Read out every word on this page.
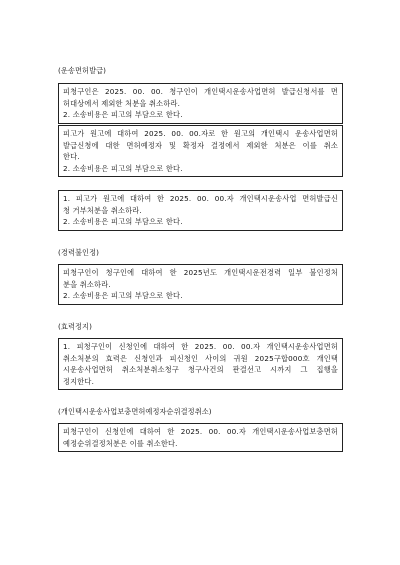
(운송면허발급)
피청구인은 2025. 00. 00. 청구인이 개인택시운송사업면허 발급신청서를 면
허대상에서 제외한 처분을 취소하라.
2. 소송비용은 피고의 부담으로 한다.
피고가 원고에 대하여 2025. 00. 00.자로 한 원고의 개인택시 운송사업면허
발급신청에 대한 면허예정자 및 확정자 결정에서 제외한 처분은 이를 취소
한다.
2. 소송비용은 피고의 부담으로 한다.
1. 피고가 원고에 대하여 한 2025. 00. 00.자 개인택시운송사업 면허발급신
청 거부처분을 취소하라.
2. 소송비용은 피고의 부담으로 한다.
(경력불인정)
피청구인이 청구인에 대하여 한 2025년도 개인택시운전경력 일부 불인정처
분을 취소하라.
2. 소송비용은 피고의 부담으로 한다.
(효력정지)
1. 피청구인이 신청인에 대하여 한 2025. 00. 00.자 개인택시운송사업면허
취소처분의 효력은 신청인과 피신청인 사이의 귀원 2025구합000호 개인택
시운송사업면허 취소처분취소청구 청구사건의 판결선고 시까지 그 집행을
정지한다.
(개인택시운송사업보충면허예정자순위결정취소)
피청구인이 신청인에 대하여 한 2025. 00. 00.자 개인택시운송사업보충면허
예정순위결정처분은 이를 취소한다.
